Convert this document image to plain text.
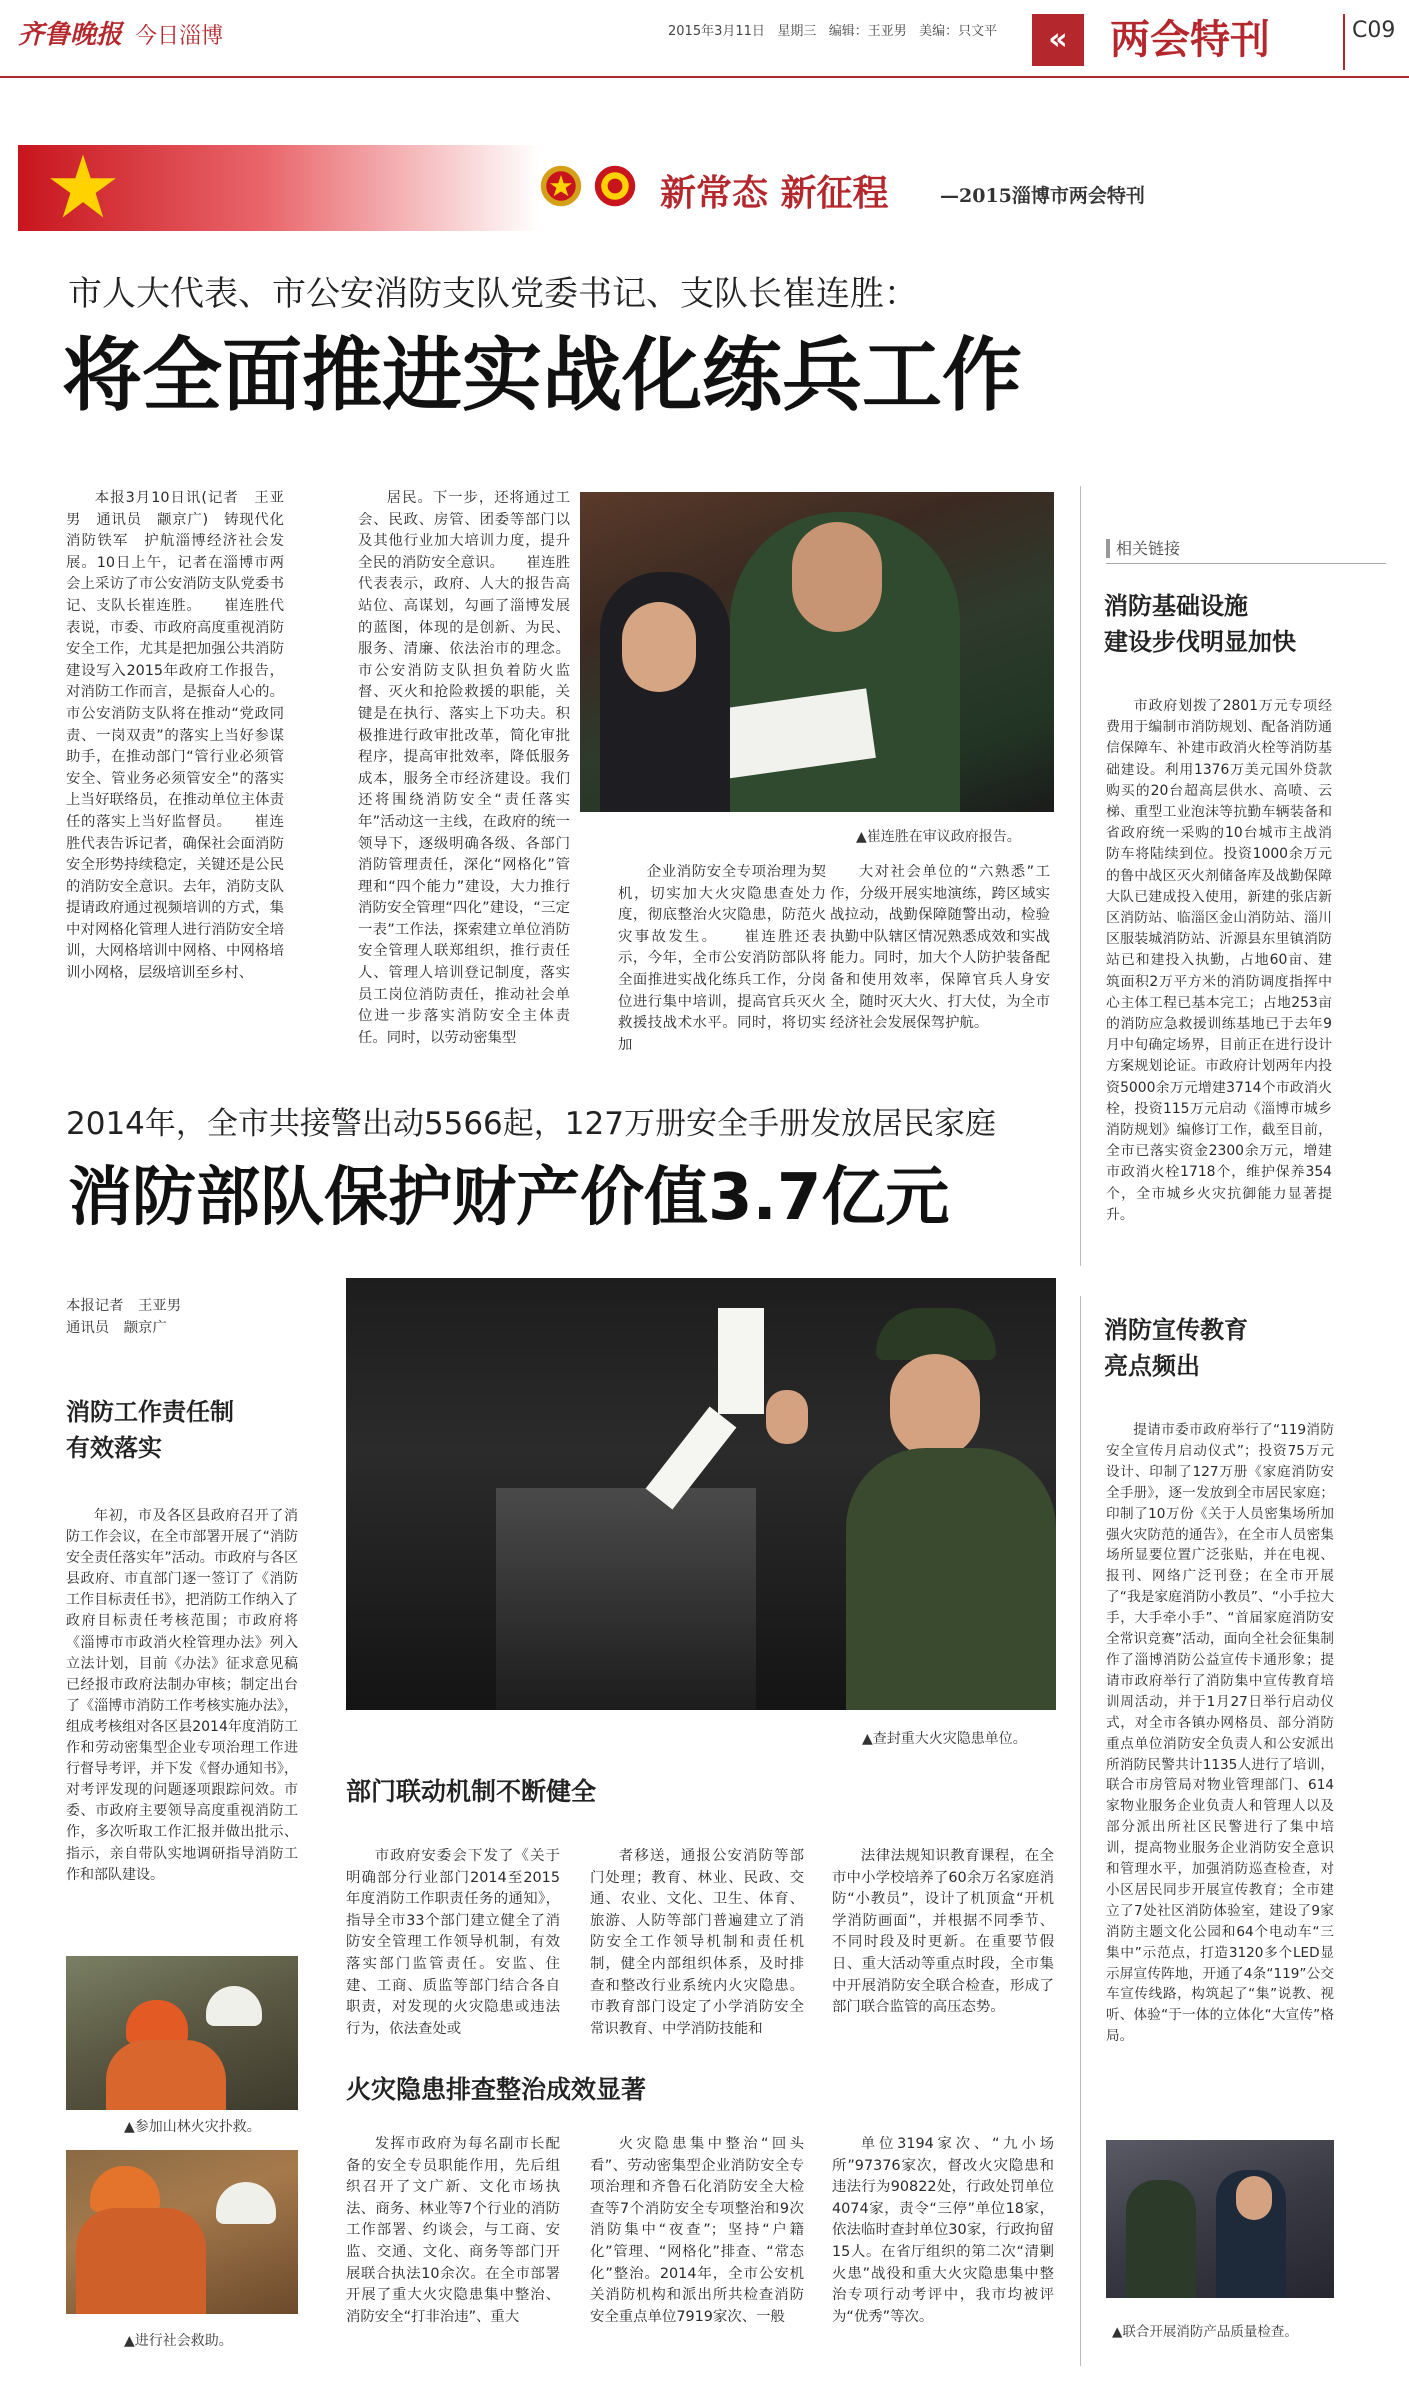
齐鲁晚报 今日淄博	2015年3月11日 星期三 编辑：王亚男 美编：只文平	«	两会特刊	C09
新常态 新征程	—2015淄博市两会特刊
市人大代表、市公安消防支队党委书记、支队长崔连胜：
将全面推进实战化练兵工作

本报3月10日讯(记者　王亚男　通讯员　颛京广)　铸现代化消防铁军　护航淄博经济社会发展。10日上午，记者在淄博市两会上采访了市公安消防支队党委书记、支队长崔连胜。　　崔连胜代表说，市委、市政府高度重视消防安全工作，尤其是把加强公共消防建设写入2015年政府工作报告，对消防工作而言，是振奋人心的。市公安消防支队将在推动“党政同责、一岗双责”的落实上当好参谋助手，在推动部门“管行业必须管安全、管业务必须管安全”的落实上当好联络员，在推动单位主体责任的落实上当好监督员。　　崔连胜代表告诉记者，确保社会面消防安全形势持续稳定，关键还是公民的消防安全意识。去年，消防支队提请政府通过视频培训的方式，集中对网格化管理人进行消防安全培训，大网格培训中网格、中网格培训小网格，层级培训至乡村、

居民。下一步，还将通过工会、民政、房管、团委等部门以及其他行业加大培训力度，提升全民的消防安全意识。　　崔连胜代表表示，政府、人大的报告高站位、高谋划，勾画了淄博发展的蓝图，体现的是创新、为民、服务、清廉、依法治市的理念。市公安消防支队担负着防火监督、灭火和抢险救援的职能，关键是在执行、落实上下功夫。积极推进行政审批改革，简化审批程序，提高审批效率，降低服务成本，服务全市经济建设。我们还将围绕消防安全“责任落实年”活动这一主线，在政府的统一领导下，逐级明确各级、各部门消防管理责任，深化“网格化”管理和“四个能力”建设，大力推行消防安全管理“四化”建设，“三定一表”工作法，探索建立单位消防安全管理人联郑组织，推行责任人、管理人培训登记制度，落实员工岗位消防责任，推动社会单位进一步落实消防安全主体责任。同时，以劳动密集型

▲崔连胜在审议政府报告。

企业消防安全专项治理为契机，切实加大火灾隐患查处力度，彻底整治火灾隐患，防范火灾事故发生。　　崔连胜还表示，今年，全市公安消防部队将全面推进实战化练兵工作，分岗位进行集中培训，提高官兵灭火救援技战术水平。同时，将切实加

大对社会单位的“六熟悉”工作，分级开展实地演练，跨区域实战拉动，战勤保障随警出动，检验执勤中队辖区情况熟悉成效和实战能力。同时，加大个人防护装备配备和使用效率，保障官兵人身安全，随时灭大火、打大仗，为全市经济社会发展保驾护航。

相关链接
消防基础设施
建设步伐明显加快

市政府划拨了2801万元专项经费用于编制市消防规划、配备消防通信保障车、补建市政消火栓等消防基础建设。利用1376万美元国外贷款购买的20台超高层供水、高喷、云梯、重型工业泡沫等抗勤车辆装备和省政府统一采购的10台城市主战消防车将陆续到位。投资1000余万元的鲁中战区灭火剂储备库及战勤保障大队已建成投入使用，新建的张店新区消防站、临淄区金山消防站、淄川区服装城消防站、沂源县东里镇消防站已和建投入执勤，占地60亩、建筑面积2万平方米的消防调度指挥中心主体工程已基本完工；占地253亩的消防应急救援训练基地已于去年9月中旬确定场界，目前正在进行设计方案规划论证。市政府计划两年内投资5000余万元增建3714个市政消火栓，投资115万元启动《淄博市城乡消防规划》编修订工作，截至目前，全市已落实资金2300余万元，增建市政消火栓1718个，维护保养354个，全市城乡火灾抗御能力显著提升。

2014年，全市共接警出动5566起，127万册安全手册发放居民家庭
消防部队保护财产价值3.7亿元
本报记者　王亚男
通讯员　颛京广
消防工作责任制
有效落实

年初，市及各区县政府召开了消防工作会议，在全市部署开展了“消防安全责任落实年”活动。市政府与各区县政府、市直部门逐一签订了《消防工作目标责任书》，把消防工作纳入了政府目标责任考核范围；市政府将《淄博市市政消火栓管理办法》列入立法计划，目前《办法》征求意见稿已经报市政府法制办审核；制定出台了《淄博市消防工作考核实施办法》，组成考核组对各区县2014年度消防工作和劳动密集型企业专项治理工作进行督导考评，并下发《督办通知书》，对考评发现的问题逐项跟踪问效。市委、市政府主要领导高度重视消防工作，多次听取工作汇报并做出批示、指示，亲自带队实地调研指导消防工作和部队建设。

▲查封重大火灾隐患单位。
部门联动机制不断健全

市政府安委会下发了《关于明确部分行业部门2014至2015年度消防工作职责任务的通知》，指导全市33个部门建立健全了消防安全管理工作领导机制，有效落实部门监管责任。安监、住建、工商、质监等部门结合各自职责，对发现的火灾隐患或违法行为，依法查处或

者移送，通报公安消防等部门处理；教育、林业、民政、交通、农业、文化、卫生、体育、旅游、人防等部门普遍建立了消防安全工作领导机制和责任机制，健全内部组织体系，及时排查和整改行业系统内火灾隐患。市教育部门设定了小学消防安全常识教育、中学消防技能和

法律法规知识教育课程，在全市中小学校培养了60余万名家庭消防“小教员”，设计了机顶盒“开机学消防画面”，并根据不同季节、不同时段及时更新。在重要节假日、重大活动等重点时段，全市集中开展消防安全联合检查，形成了部门联合监管的高压态势。

火灾隐患排查整治成效显著

发挥市政府为每名副市长配备的安全专员职能作用，先后组织召开了文广新、文化市场执法、商务、林业等7个行业的消防工作部署、约谈会，与工商、安监、交通、文化、商务等部门开展联合执法10余次。在全市部署开展了重大火灾隐患集中整治、消防安全“打非治违”、重大

火灾隐患集中整治“回头看”、劳动密集型企业消防安全专项治理和齐鲁石化消防安全大检查等7个消防安全专项整治和9次消防集中“夜查”；坚持“户籍化”管理、“网格化”排查、“常态化”整治。2014年，全市公安机关消防机构和派出所共检查消防安全重点单位7919家次、一般

单位3194家次、“九小场所”97376家次，督改火灾隐患和违法行为90822处，行政处罚单位4074家，责令“三停”单位18家，依法临时查封单位30家，行政拘留15人。在省厅组织的第二次“清剿火患”战役和重大火灾隐患集中整治专项行动考评中，我市均被评为“优秀”等次。

▲参加山林火灾扑救。
▲进行社会救助。
消防宣传教育
亮点频出

提请市委市政府举行了“119消防安全宣传月启动仪式”；投资75万元设计、印制了127万册《家庭消防安全手册》，逐一发放到全市居民家庭；印制了10万份《关于人员密集场所加强火灾防范的通告》，在全市人员密集场所显要位置广泛张贴，并在电视、报刊、网络广泛刊登；在全市开展了“我是家庭消防小教员”、“小手拉大手，大手牵小手”、“首届家庭消防安全常识竞赛”活动，面向全社会征集制作了淄博消防公益宣传卡通形象；提请市政府举行了消防集中宣传教育培训周活动，并于1月27日举行启动仪式，对全市各镇办网格员、部分消防重点单位消防安全负责人和公安派出所消防民警共计1135人进行了培训，联合市房管局对物业管理部门、614家物业服务企业负责人和管理人以及部分派出所社区民警进行了集中培训，提高物业服务企业消防安全意识和管理水平，加强消防巡查检查，对小区居民同步开展宣传教育；全市建立了7处社区消防体验室，建设了9家消防主题文化公园和64个电动车“三集中”示范点，打造3120多个LED显示屏宣传阵地，开通了4条“119”公交车宣传线路，构筑起了“集”说教、视听、体验“于一体的立体化“大宣传”格局。

▲联合开展消防产品质量检查。
